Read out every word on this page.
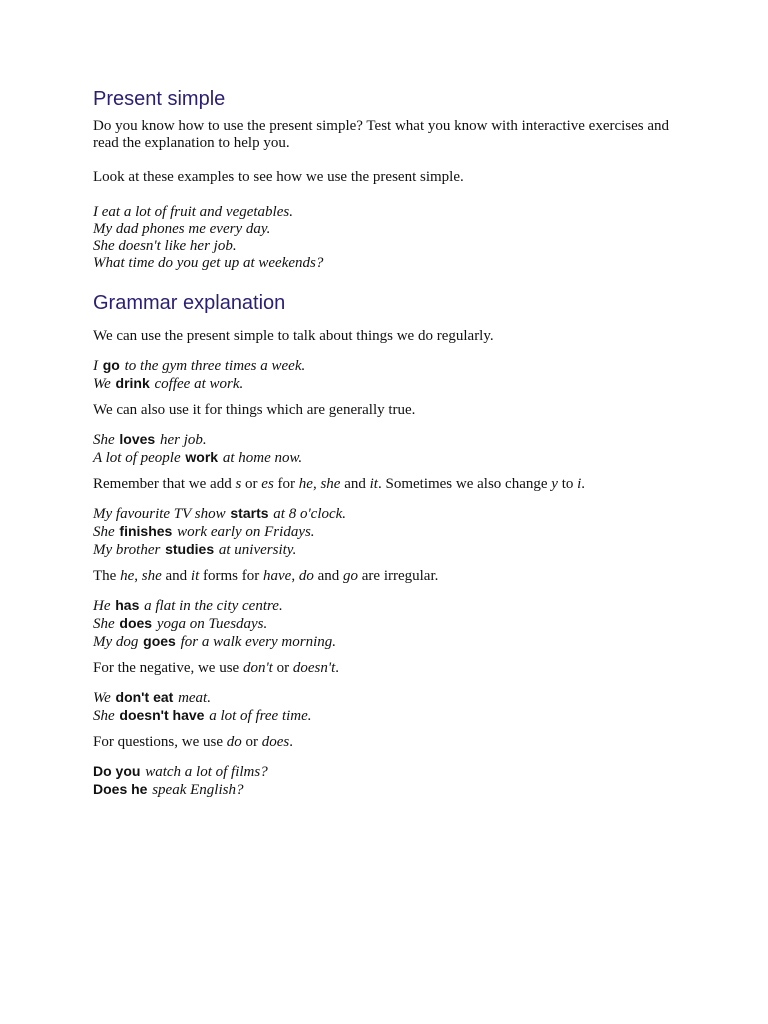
Present simple

Do you know how to use the present simple? Test what you know with interactive exercises and read the explanation to help you.

Look at these examples to see how we use the present simple.

I eat a lot of fruit and vegetables.

My dad phones me every day.

She doesn't like her job.

What time do you get up at weekends?

Grammar explanation

We can use the present simple to talk about things we do regularly.

I go to the gym three times a week.

We drink coffee at work.

We can also use it for things which are generally true.

She loves her job.

A lot of people work at home now.

Remember that we add s or es for he, she and it. Sometimes we also change y to i.

My favourite TV show starts at 8 o'clock.

She finishes work early on Fridays.

My brother studies at university.

The he, she and it forms for have, do and go are irregular.

He has a flat in the city centre.

She does yoga on Tuesdays.

My dog goes for a walk every morning.

For the negative, we use don't or doesn't.

We don't eat meat.

She doesn't have a lot of free time.

For questions, we use do or does.

Do you watch a lot of films?

Does he speak English?
